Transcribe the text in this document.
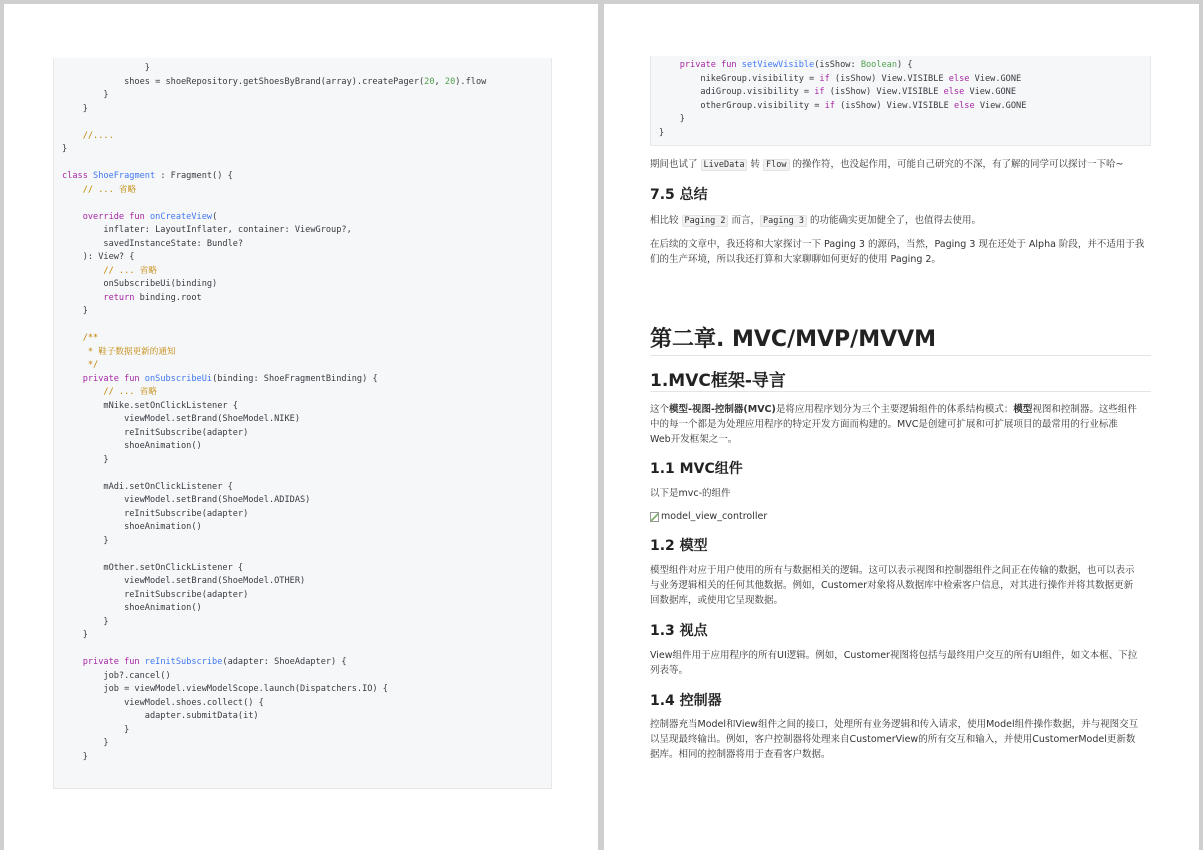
}
shoes = shoeRepository.getShoesByBrand(array).createPager(20, 20).flow
}
}

//....
}

class ShoeFragment : Fragment() {
// ... 省略

override fun onCreateView(
inflater: LayoutInflater, container: ViewGroup?,
savedInstanceState: Bundle?
): View? {
// ... 省略
onSubscribeUi(binding)
return binding.root
}

/**
* 鞋子数据更新的通知
*/
private fun onSubscribeUi(binding: ShoeFragmentBinding) {
// ... 省略
mNike.setOnClickListener {
viewModel.setBrand(ShoeModel.NIKE)
reInitSubscribe(adapter)
shoeAnimation()
}

mAdi.setOnClickListener {
viewModel.setBrand(ShoeModel.ADIDAS)
reInitSubscribe(adapter)
shoeAnimation()
}

mOther.setOnClickListener {
viewModel.setBrand(ShoeModel.OTHER)
reInitSubscribe(adapter)
shoeAnimation()
}
}

private fun reInitSubscribe(adapter: ShoeAdapter) {
job?.cancel()
job = viewModel.viewModelScope.launch(Dispatchers.IO) {
viewModel.shoes.collect() {
adapter.submitData(it)
}
}
}
private fun setViewVisible(isShow: Boolean) {
nikeGroup.visibility = if (isShow) View.VISIBLE else View.GONE
adiGroup.visibility = if (isShow) View.VISIBLE else View.GONE
otherGroup.visibility = if (isShow) View.VISIBLE else View.GONE
}
}
期间也试了 LiveData 转 Flow 的操作符，也没起作用，可能自己研究的不深，有了解的同学可以探讨一下哈~
7.5 总结
相比较 Paging 2 而言， Paging 3 的功能确实更加健全了，也值得去使用。
在后续的文章中，我还将和大家探讨一下 Paging 3 的源码，当然，Paging 3 现在还处于 Alpha 阶段，并不适用于我
们的生产环境，所以我还打算和大家聊聊如何更好的使用 Paging 2。
第二章. MVC/MVP/MVVM
1.MVC框架-导言
这个模型-视图-控制器(MVC)是将应用程序划分为三个主要逻辑组件的体系结构模式：模型视图和控制器。这些组件
中的每一个都是为处理应用程序的特定开发方面而构建的。MVC是创建可扩展和可扩展项目的最常用的行业标准
Web开发框架之一。
1.1 MVC组件
以下是mvc-的组件
model_view_controller
1.2 模型
模型组件对应于用户使用的所有与数据相关的逻辑。这可以表示视图和控制器组件之间正在传输的数据，也可以表示
与业务逻辑相关的任何其他数据。例如，Customer对象将从数据库中检索客户信息，对其进行操作并将其数据更新
回数据库，或使用它呈现数据。
1.3 视点
View组件用于应用程序的所有UI逻辑。例如，Customer视图将包括与最终用户交互的所有UI组件，如文本框、下拉
列表等。
1.4 控制器
控制器充当Model和View组件之间的接口，处理所有业务逻辑和传入请求，使用Model组件操作数据，并与视图交互
以呈现最终输出。例如，客户控制器将处理来自CustomerView的所有交互和输入，并使用CustomerModel更新数
据库。相同的控制器将用于查看客户数据。
